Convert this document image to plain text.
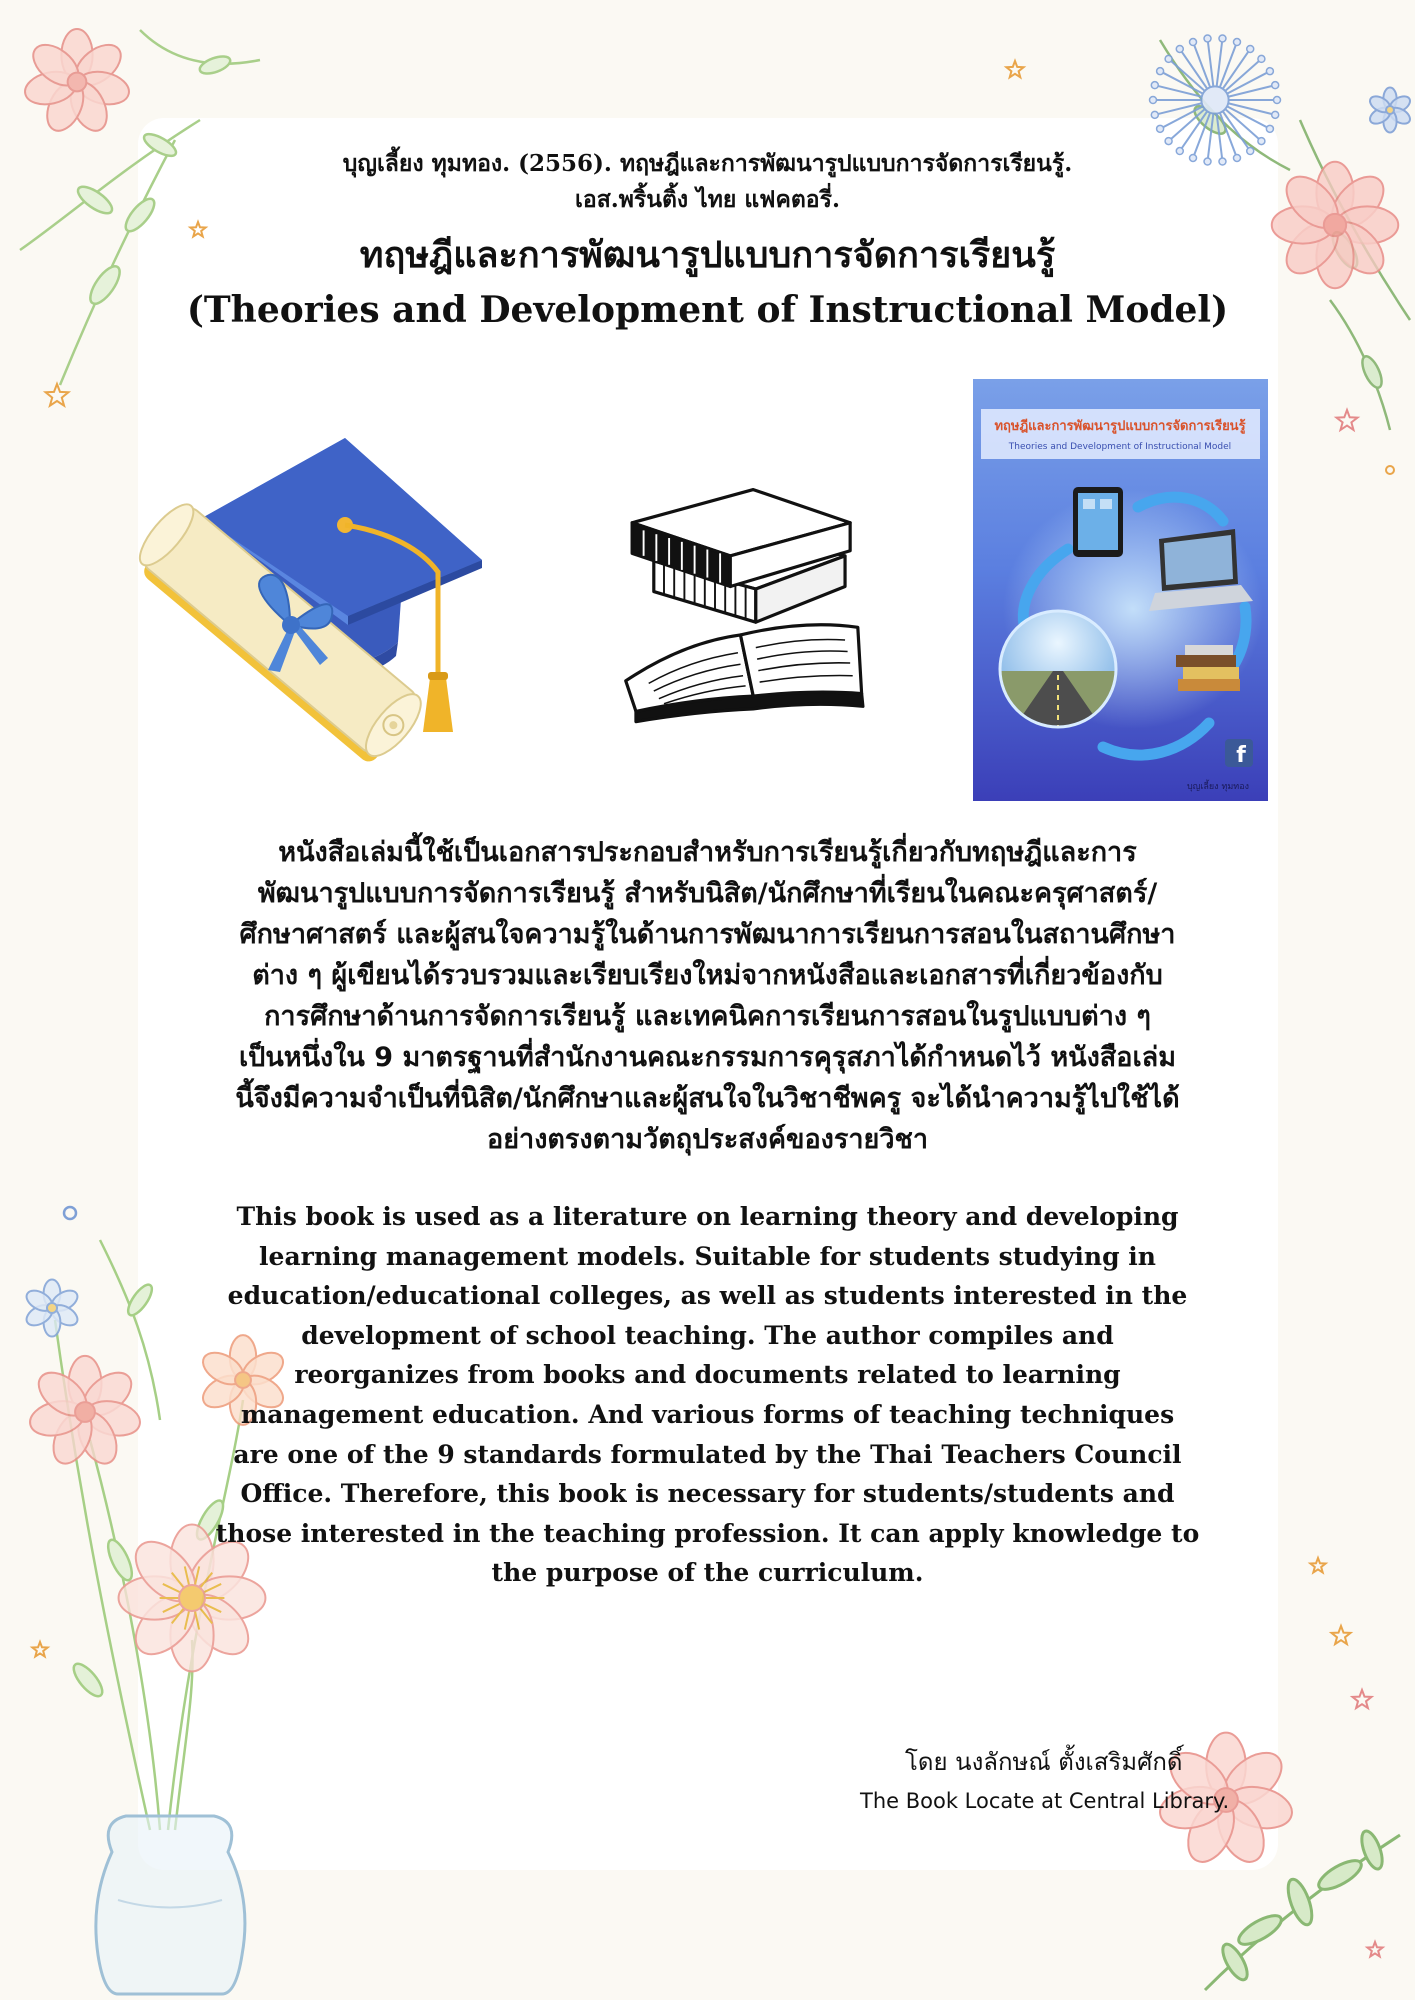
บุญเลี้ยง ทุมทอง. (2556). ทฤษฎีและการพัฒนารูปแบบการจัดการเรียนรู้.
เอส.พริ้นติ้ง ไทย แฟคตอรี่.
ทฤษฎีและการพัฒนารูปแบบการจัดการเรียนรู้
(Theories and Development of Instructional Model)
ทฤษฎีและการพัฒนารูปแบบการจัดการเรียนรู้
Theories and Development of Instructional Model
f
บุญเลี้ยง ทุมทอง
หนังสือเล่มนี้ใช้เป็นเอกสารประกอบสำหรับการเรียนรู้เกี่ยวกับทฤษฎีและการ
พัฒนารูปแบบการจัดการเรียนรู้ สำหรับนิสิต/นักศึกษาที่เรียนในคณะครุศาสตร์/
ศึกษาศาสตร์ และผู้สนใจความรู้ในด้านการพัฒนาการเรียนการสอนในสถานศึกษา
ต่าง ๆ ผู้เขียนได้รวบรวมและเรียบเรียงใหม่จากหนังสือและเอกสารที่เกี่ยวข้องกับ
การศึกษาด้านการจัดการเรียนรู้ และเทคนิคการเรียนการสอนในรูปแบบต่าง ๆ
เป็นหนึ่งใน 9 มาตรฐานที่สำนักงานคณะกรรมการคุรุสภาได้กำหนดไว้ หนังสือเล่ม
นี้จึงมีความจำเป็นที่นิสิต/นักศึกษาและผู้สนใจในวิชาชีพครู จะได้นำความรู้ไปใช้ได้
อย่างตรงตามวัตถุประสงค์ของรายวิชา
This book is used as a literature on learning theory and developing
learning management models. Suitable for students studying in
education/educational colleges, as well as students interested in the
development of school teaching. The author compiles and
reorganizes from books and documents related to learning
management education. And various forms of teaching techniques
are one of the 9 standards formulated by the Thai Teachers Council
Office. Therefore, this book is necessary for students/students and
those interested in the teaching profession. It can apply knowledge to
the purpose of the curriculum.
โดย นงลักษณ์ ตั้งเสริมศักดิ์
The Book Locate at Central Library.
